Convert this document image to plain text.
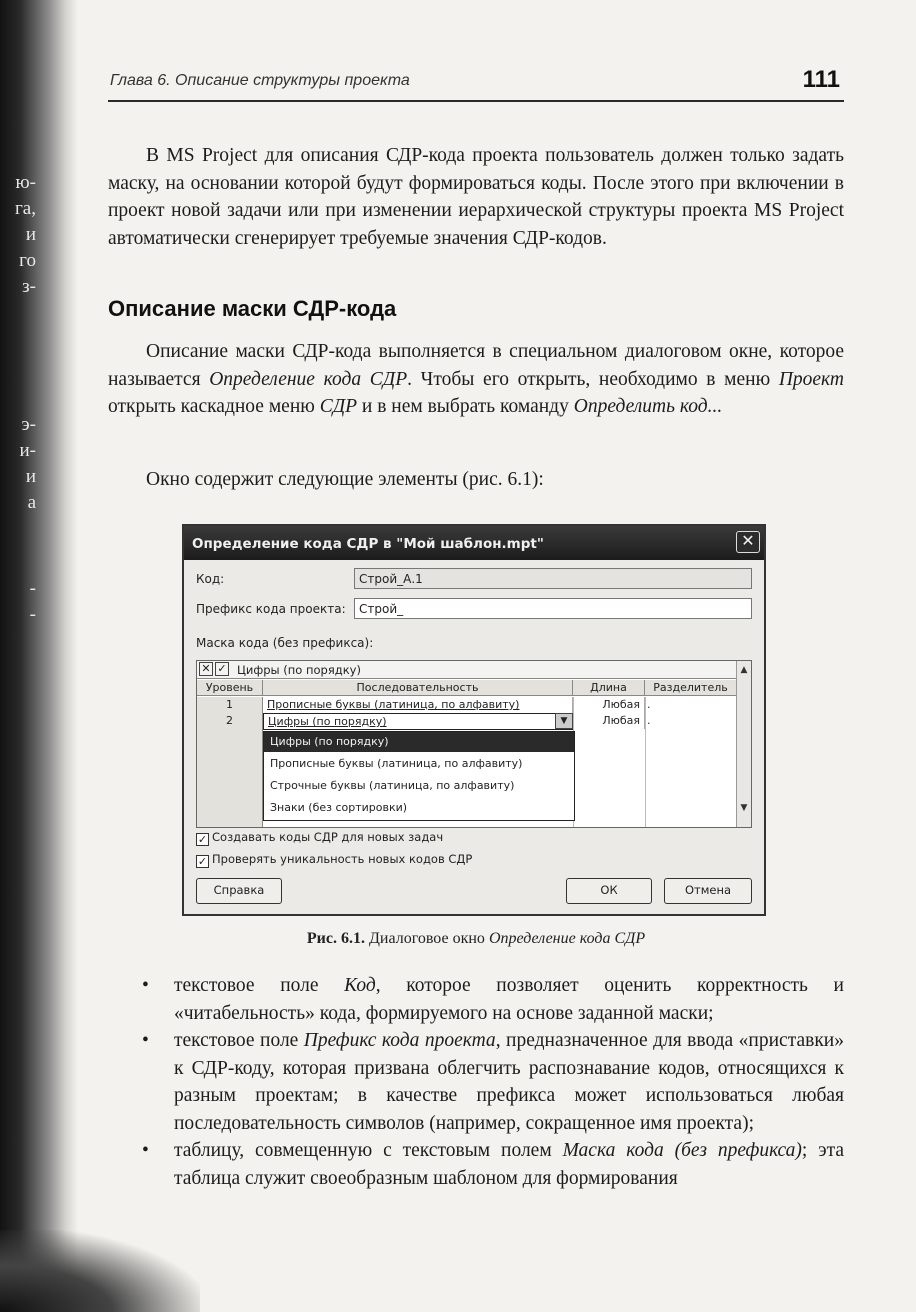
ю-
га,
и
го
з-
э-
и-
и
а
-
-
Глава 6. Описание структуры проекта	111

В MS Project для описания СДР-кода проекта пользователь должен только задать маску, на основании которой будут формироваться коды. После этого при включении в проект новой задачи или при изменении иерархической структуры проекта MS Project автоматически сгенерирует требуемые значения СДР-кодов.

Описание маски СДР-кода

Описание маски СДР-кода выполняется в специальном диалоговом окне, которое называется Определение кода СДР. Чтобы его открыть, необходимо в меню Проект открыть каскадное меню СДР и в нем выбрать команду Определить код...

Окно содержит следующие элементы (рис. 6.1):

Определение кода СДР в "Мой шаблон.mpt"	✕
Код:	Строй_А.1
Префикс кода проекта:	Строй_
Маска кода (без префикса):
✕ ✓ Цифры (по порядку)
Уровень	Последовательность	Длина	Разделитель
1	Прописные буквы (латиница, по алфавиту)	Любая .
2	Цифры (по порядку)	▼	Любая .
Цифры (по порядку)
Прописные буквы (латиница, по алфавиту)
Строчные буквы (латиница, по алфавиту)
Знаки (без сортировки)
▲
▼
✓ Создавать коды СДР для новых задач
✓ Проверять уникальность новых кодов СДР
Справка	ОК	Отмена

Рис. 6.1. Диалоговое окно Определение кода СДР

• текстовое поле Код, которое позволяет оценить корректность и «читабельность» кода, формируемого на основе заданной маски;

• текстовое поле Префикс кода проекта, предназначенное для ввода «приставки» к СДР-коду, которая призвана облегчить распознавание кодов, относящихся к разным проектам; в качестве префикса может использоваться любая последовательность символов (например, сокращенное имя проекта);

• таблицу, совмещенную с текстовым полем Маска кода (без префикса); эта таблица служит своеобразным шаблоном для формирования
